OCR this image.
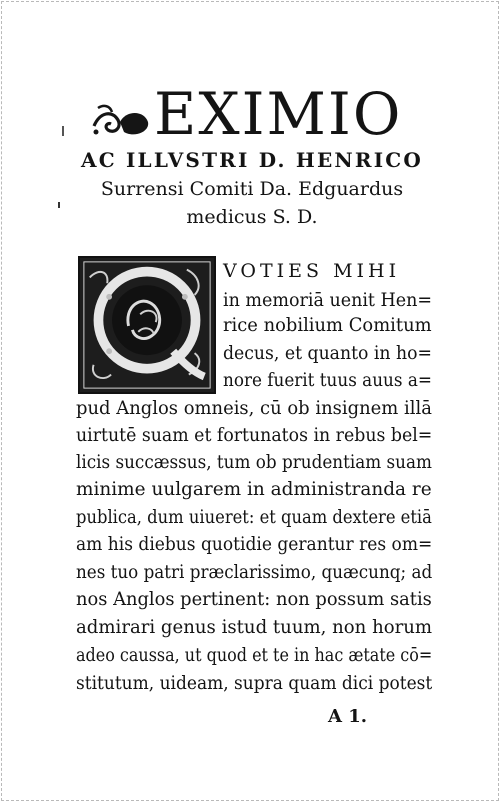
EXIMIO
AC ILLVSTRI D. HENRICO
Surrensi Comiti Da. Edguardus
medicus S. D.
VOTIES MIHI
in memoriā uenit Hen=
rice nobilium Comitum
decus, et quanto in ho=
nore fuerit tuus auus a=
pud Anglos omneis, cū ob insignem illā
uirtutē suam et fortunatos in rebus bel=
licis succæssus, tum ob prudentiam suam
minime uulgarem in administranda re
publica, dum uiueret: et quam dextere etiā
am his diebus quotidie gerantur res om=
nes tuo patri præclarissimo, quæcunq; ad
nos Anglos pertinent: non possum satis
admirari genus istud tuum, non horum
adeo caussa, ut quod et te in hac ætate cō=
stitutum, uideam, supra quam dici potest
A 1.
